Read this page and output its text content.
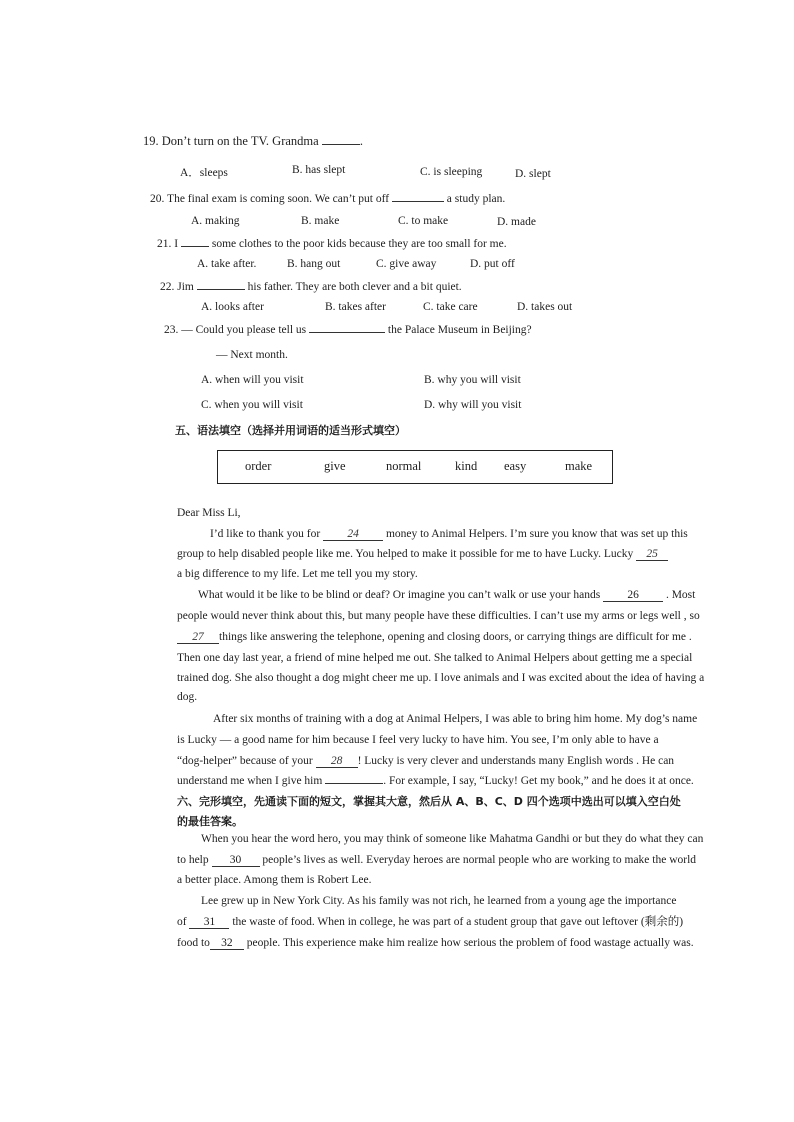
19. Don’t turn on the TV. Grandma	.
A．sleeps	B. has slept	C. is sleeping	D. slept
20. The final exam is coming soon. We can’t put off	a study plan.
A. making	B. make	C. to make	D. made
21. I	some clothes to the poor kids because they are too small for me.
A. take after.	B. hang out	C. give away	D. put off
22. Jim	his father. They are both clever and a bit quiet.
A. looks after	B. takes after	C. take care	D. takes out
23. — Could you please tell us	the Palace Museum in Beijing?
— Next month.
A. when will you visit	B. why you will visit
C. when you will visit	D. why will you visit
五、语法填空（选择并用词语的适当形式填空）
order	give	normal	kind easy	make
Dear Miss Li,
I’d like to thank you for 24 money to Animal Helpers. I’m sure you know that was set up this
group to help disabled people like me. You helped to make it possible for me to have Lucky. Lucky 25
a big difference to my life. Let me tell you my story.
What would it be like to be blind or deaf? Or imagine you can’t walk or use your hands 26 . Most
people would never think about this, but many people have these difficulties. I can’t use my arms or legs well , so
27 things like answering the telephone, opening and closing doors, or carrying things are difficult for me .
Then one day last year, a friend of mine helped me out. She talked to Animal Helpers about getting me a special
trained dog. She also thought a dog might cheer me up. I love animals and I was excited about the idea of having a
dog.
After six months of training with a dog at Animal Helpers, I was able to bring him home. My dog’s name
is Lucky — a good name for him because I feel very lucky to have him. You see, I’m only able to have a
“dog-helper” because of your 28 ! Lucky is very clever and understands many English words . He can
understand me when I give him	. For example, I say, “Lucky! Get my book,” and he does it at once.
六、完形填空，先通读下面的短文，掌握其大意，然后从 A、B、C、D 四个选项中选出可以填入空白处
的最佳答案。
When you hear the word hero, you may think of someone like Mahatma Gandhi or but they do what they can
to help 30 people’s lives as well. Everyday heroes are normal people who are working to make the world
a better place. Among them is Robert Lee.
Lee grew up in New York City. As his family was not rich, he learned from a young age the importance
of 31 the waste of food. When in college, he was part of a student group that gave out leftover (剩余的)
food to 32 people. This experience make him realize how serious the problem of food wastage actually was.
